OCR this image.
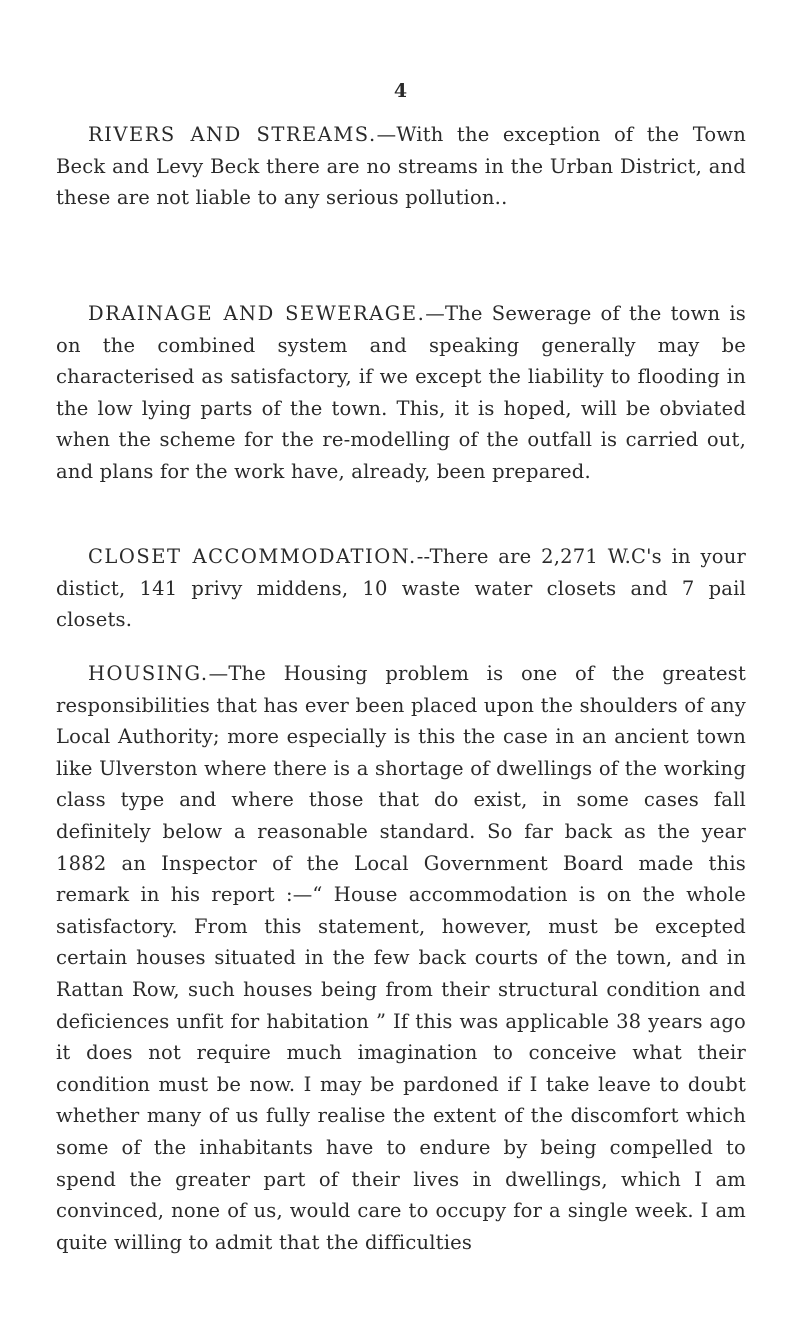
4

RIVERS AND STREAMS.—With the exception of the Town Beck and Levy Beck there are no streams in the Urban District, and these are not liable to any serious pollution..

DRAINAGE AND SEWERAGE.—The Sewerage of the town is on the combined system and speaking generally may be characterised as satisfactory, if we except the liability to flooding in the low lying parts of the town. This, it is hoped, will be obviated when the scheme for the re-modelling of the outfall is carried out, and plans for the work have, already, been prepared.

CLOSET ACCOMMODATION.--There are 2,271 W.C's in your distict, 141 privy middens, 10 waste water closets and 7 pail closets.

HOUSING.—The Housing problem is one of the greatest responsibilities that has ever been placed upon the shoulders of any Local Authority; more especially is this the case in an ancient town like Ulverston where there is a shortage of dwellings of the working class type and where those that do exist, in some cases fall definitely below a reasonable standard. So far back as the year 1882 an Inspector of the Local Government Board made this remark in his report :—“ House accommodation is on the whole satisfactory. From this statement, however, must be excepted certain houses situated in the few back courts of the town, and in Rattan Row, such houses being from their structural condition and deficiences unfit for habitation ” If this was applicable 38 years ago it does not require much imagination to conceive what their condition must be now. I may be pardoned if I take leave to doubt whether many of us fully realise the extent of the discomfort which some of the inhabitants have to endure by being compelled to spend the greater part of their lives in dwellings, which I am convinced, none of us, would care to occupy for a single week. I am quite willing to admit that the difficulties
